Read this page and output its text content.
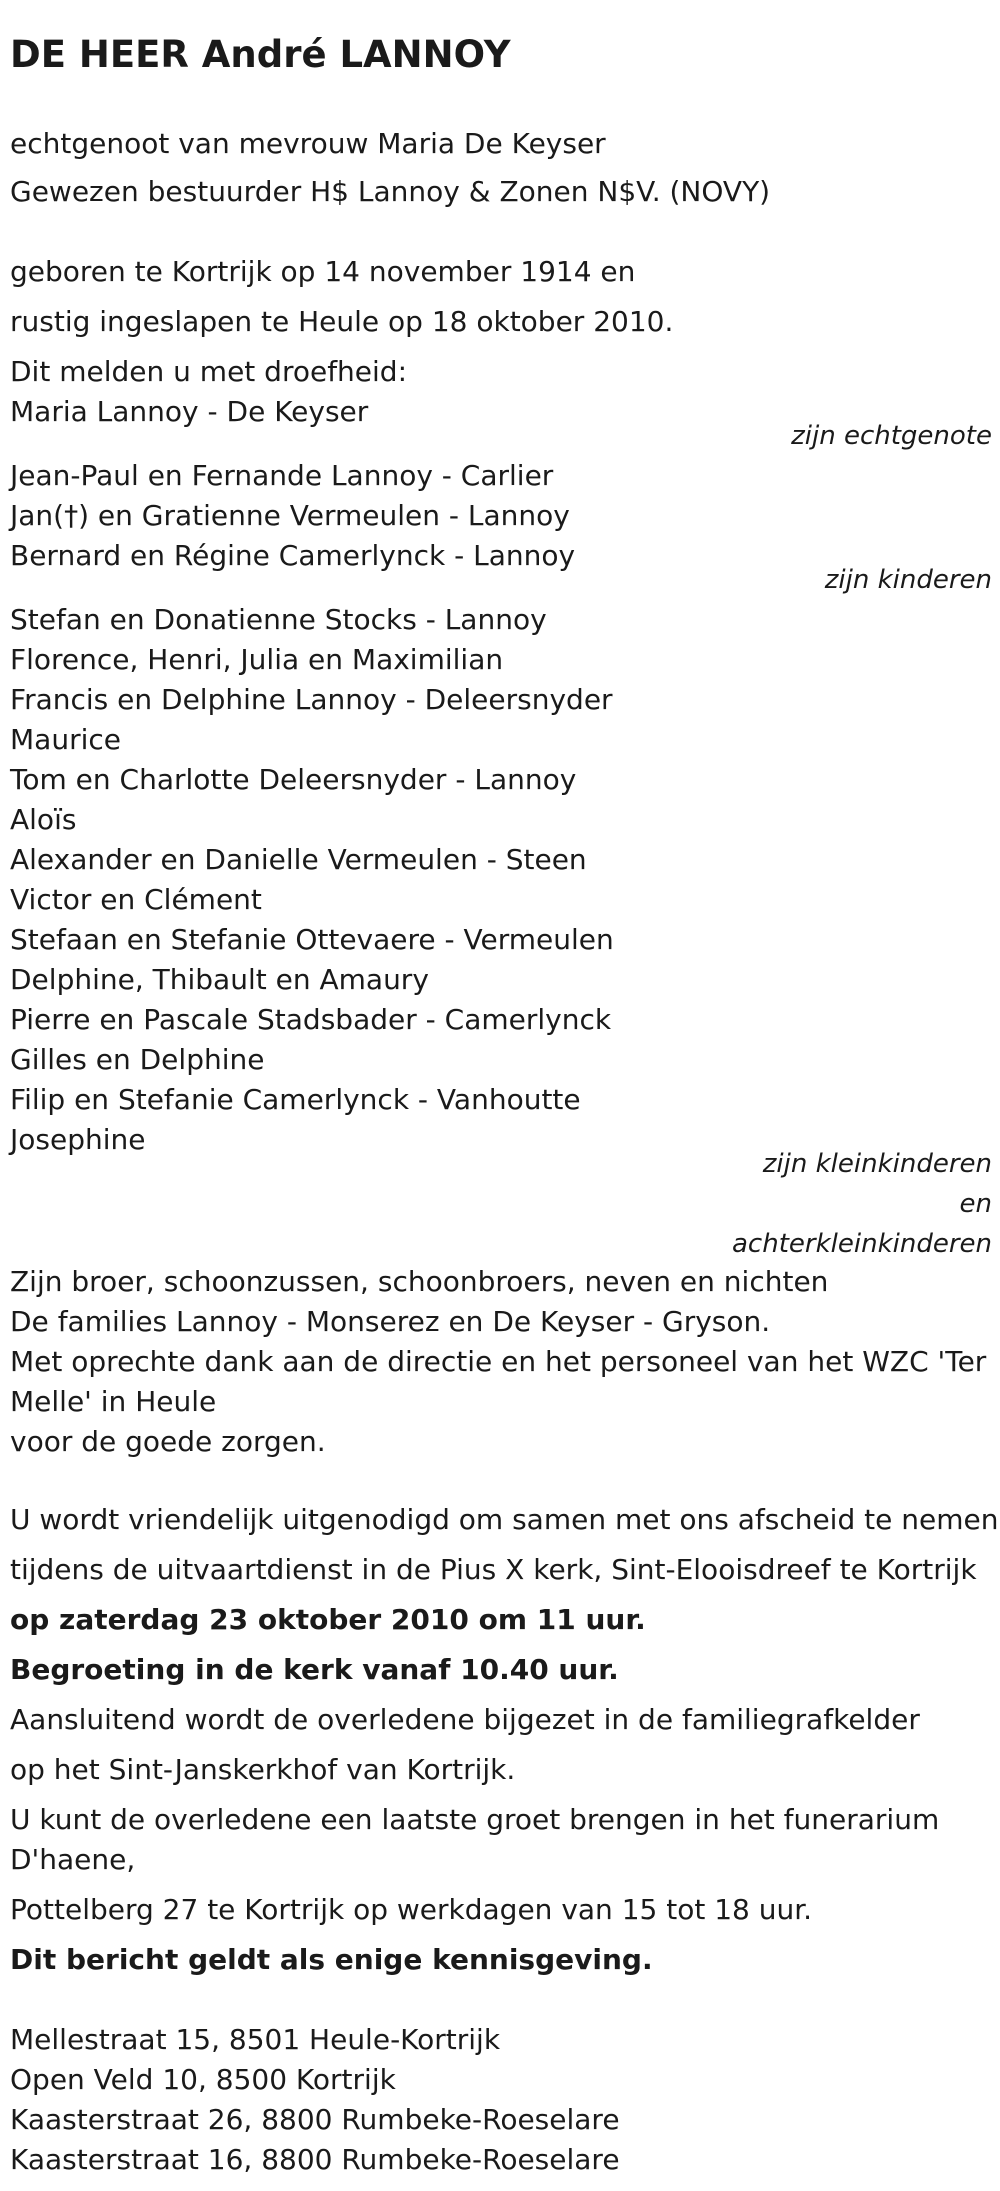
DE HEER André LANNOY
echtgenoot van mevrouw Maria De Keyser
Gewezen bestuurder H$ Lannoy & Zonen N$V. (NOVY)
geboren te Kortrijk op 14 november 1914 en
rustig ingeslapen te Heule op 18 oktober 2010.
Dit melden u met droefheid:
Maria Lannoy - De Keyser
zijn echtgenote
Jean-Paul en Fernande Lannoy - Carlier
Jan(†) en Gratienne Vermeulen - Lannoy
Bernard en Régine Camerlynck - Lannoy
zijn kinderen
Stefan en Donatienne Stocks - Lannoy
Florence, Henri, Julia en Maximilian
Francis en Delphine Lannoy - Deleersnyder
Maurice
Tom en Charlotte Deleersnyder - Lannoy
Aloïs
Alexander en Danielle Vermeulen - Steen
Victor en Clément
Stefaan en Stefanie Ottevaere - Vermeulen
Delphine, Thibault en Amaury
Pierre en Pascale Stadsbader - Camerlynck
Gilles en Delphine
Filip en Stefanie Camerlynck - Vanhoutte
Josephine
zijn kleinkinderen
en
achterkleinkinderen
Zijn broer, schoonzussen, schoonbroers, neven en nichten
De families Lannoy - Monserez en De Keyser - Gryson.
Met oprechte dank aan de directie en het personeel van het WZC 'Ter
Melle' in Heule
voor de goede zorgen.
U wordt vriendelijk uitgenodigd om samen met ons afscheid te nemen
tijdens de uitvaartdienst in de Pius X kerk, Sint-Elooisdreef te Kortrijk
op zaterdag 23 oktober 2010 om 11 uur.
Begroeting in de kerk vanaf 10.40 uur.
Aansluitend wordt de overledene bijgezet in de familiegrafkelder
op het Sint-Janskerkhof van Kortrijk.
U kunt de overledene een laatste groet brengen in het funerarium
D'haene,
Pottelberg 27 te Kortrijk op werkdagen van 15 tot 18 uur.
Dit bericht geldt als enige kennisgeving.
Mellestraat 15, 8501 Heule-Kortrijk
Open Veld 10, 8500 Kortrijk
Kaasterstraat 26, 8800 Rumbeke-Roeselare
Kaasterstraat 16, 8800 Rumbeke-Roeselare
